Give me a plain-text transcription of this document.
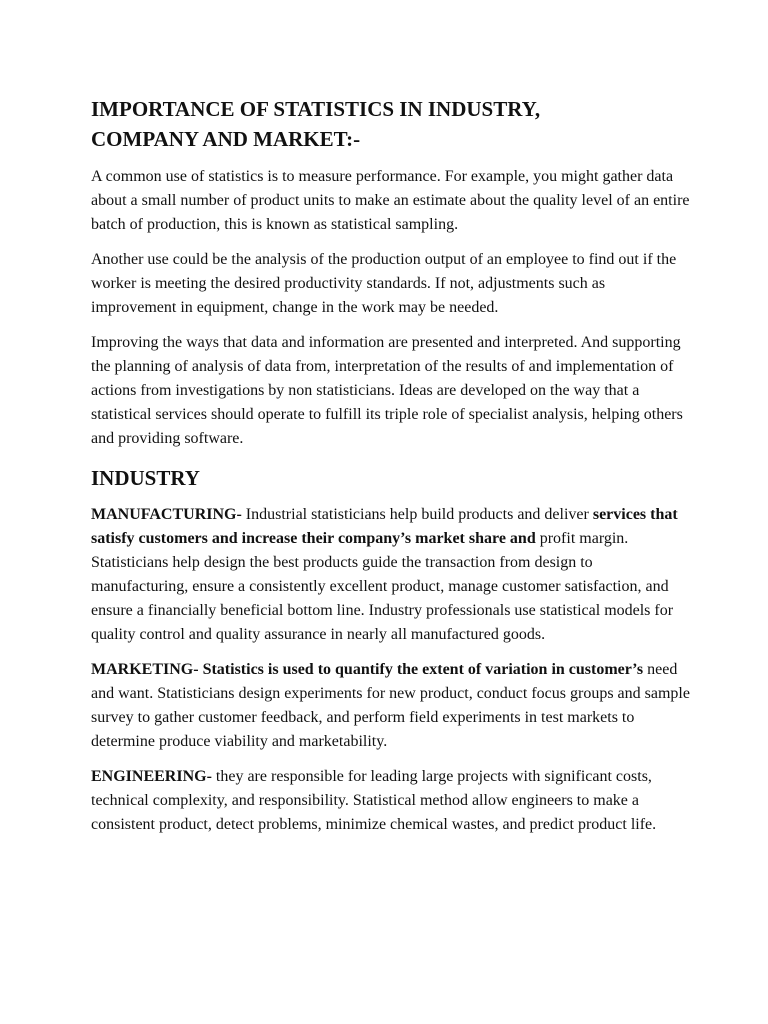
IMPORTANCE OF STATISTICS IN INDUSTRY,
COMPANY AND MARKET:-

A common use of statistics is to measure performance. For example, you might gather data about a small number of product units to make an estimate about the quality level of an entire batch of production, this is known as statistical sampling.

Another use could be the analysis of the production output of an employee to find out if the worker is meeting the desired productivity standards. If not, adjustments such as improvement in equipment, change in the work may be needed.

Improving the ways that data and information are presented and interpreted. And supporting the planning of analysis of data from, interpretation of the results of and implementation of actions from investigations by non statisticians. Ideas are developed on the way that a statistical services should operate to fulfill its triple role of specialist analysis, helping others and providing software.

INDUSTRY

MANUFACTURING- Industrial statisticians help build products and deliver services that satisfy customers and increase their company’s market share and profit margin. Statisticians help design the best products guide the transaction from design to manufacturing, ensure a consistently excellent product, manage customer satisfaction, and ensure a financially beneficial bottom line. Industry professionals use statistical models for quality control and quality assurance in nearly all manufactured goods.

MARKETING- Statistics is used to quantify the extent of variation in customer’s need and want. Statisticians design experiments for new product, conduct focus groups and sample survey to gather customer feedback, and perform field experiments in test markets to determine produce viability and marketability.

ENGINEERING- they are responsible for leading large projects with significant costs, technical complexity, and responsibility. Statistical method allow engineers to make a consistent product, detect problems, minimize chemical wastes, and predict product life.
